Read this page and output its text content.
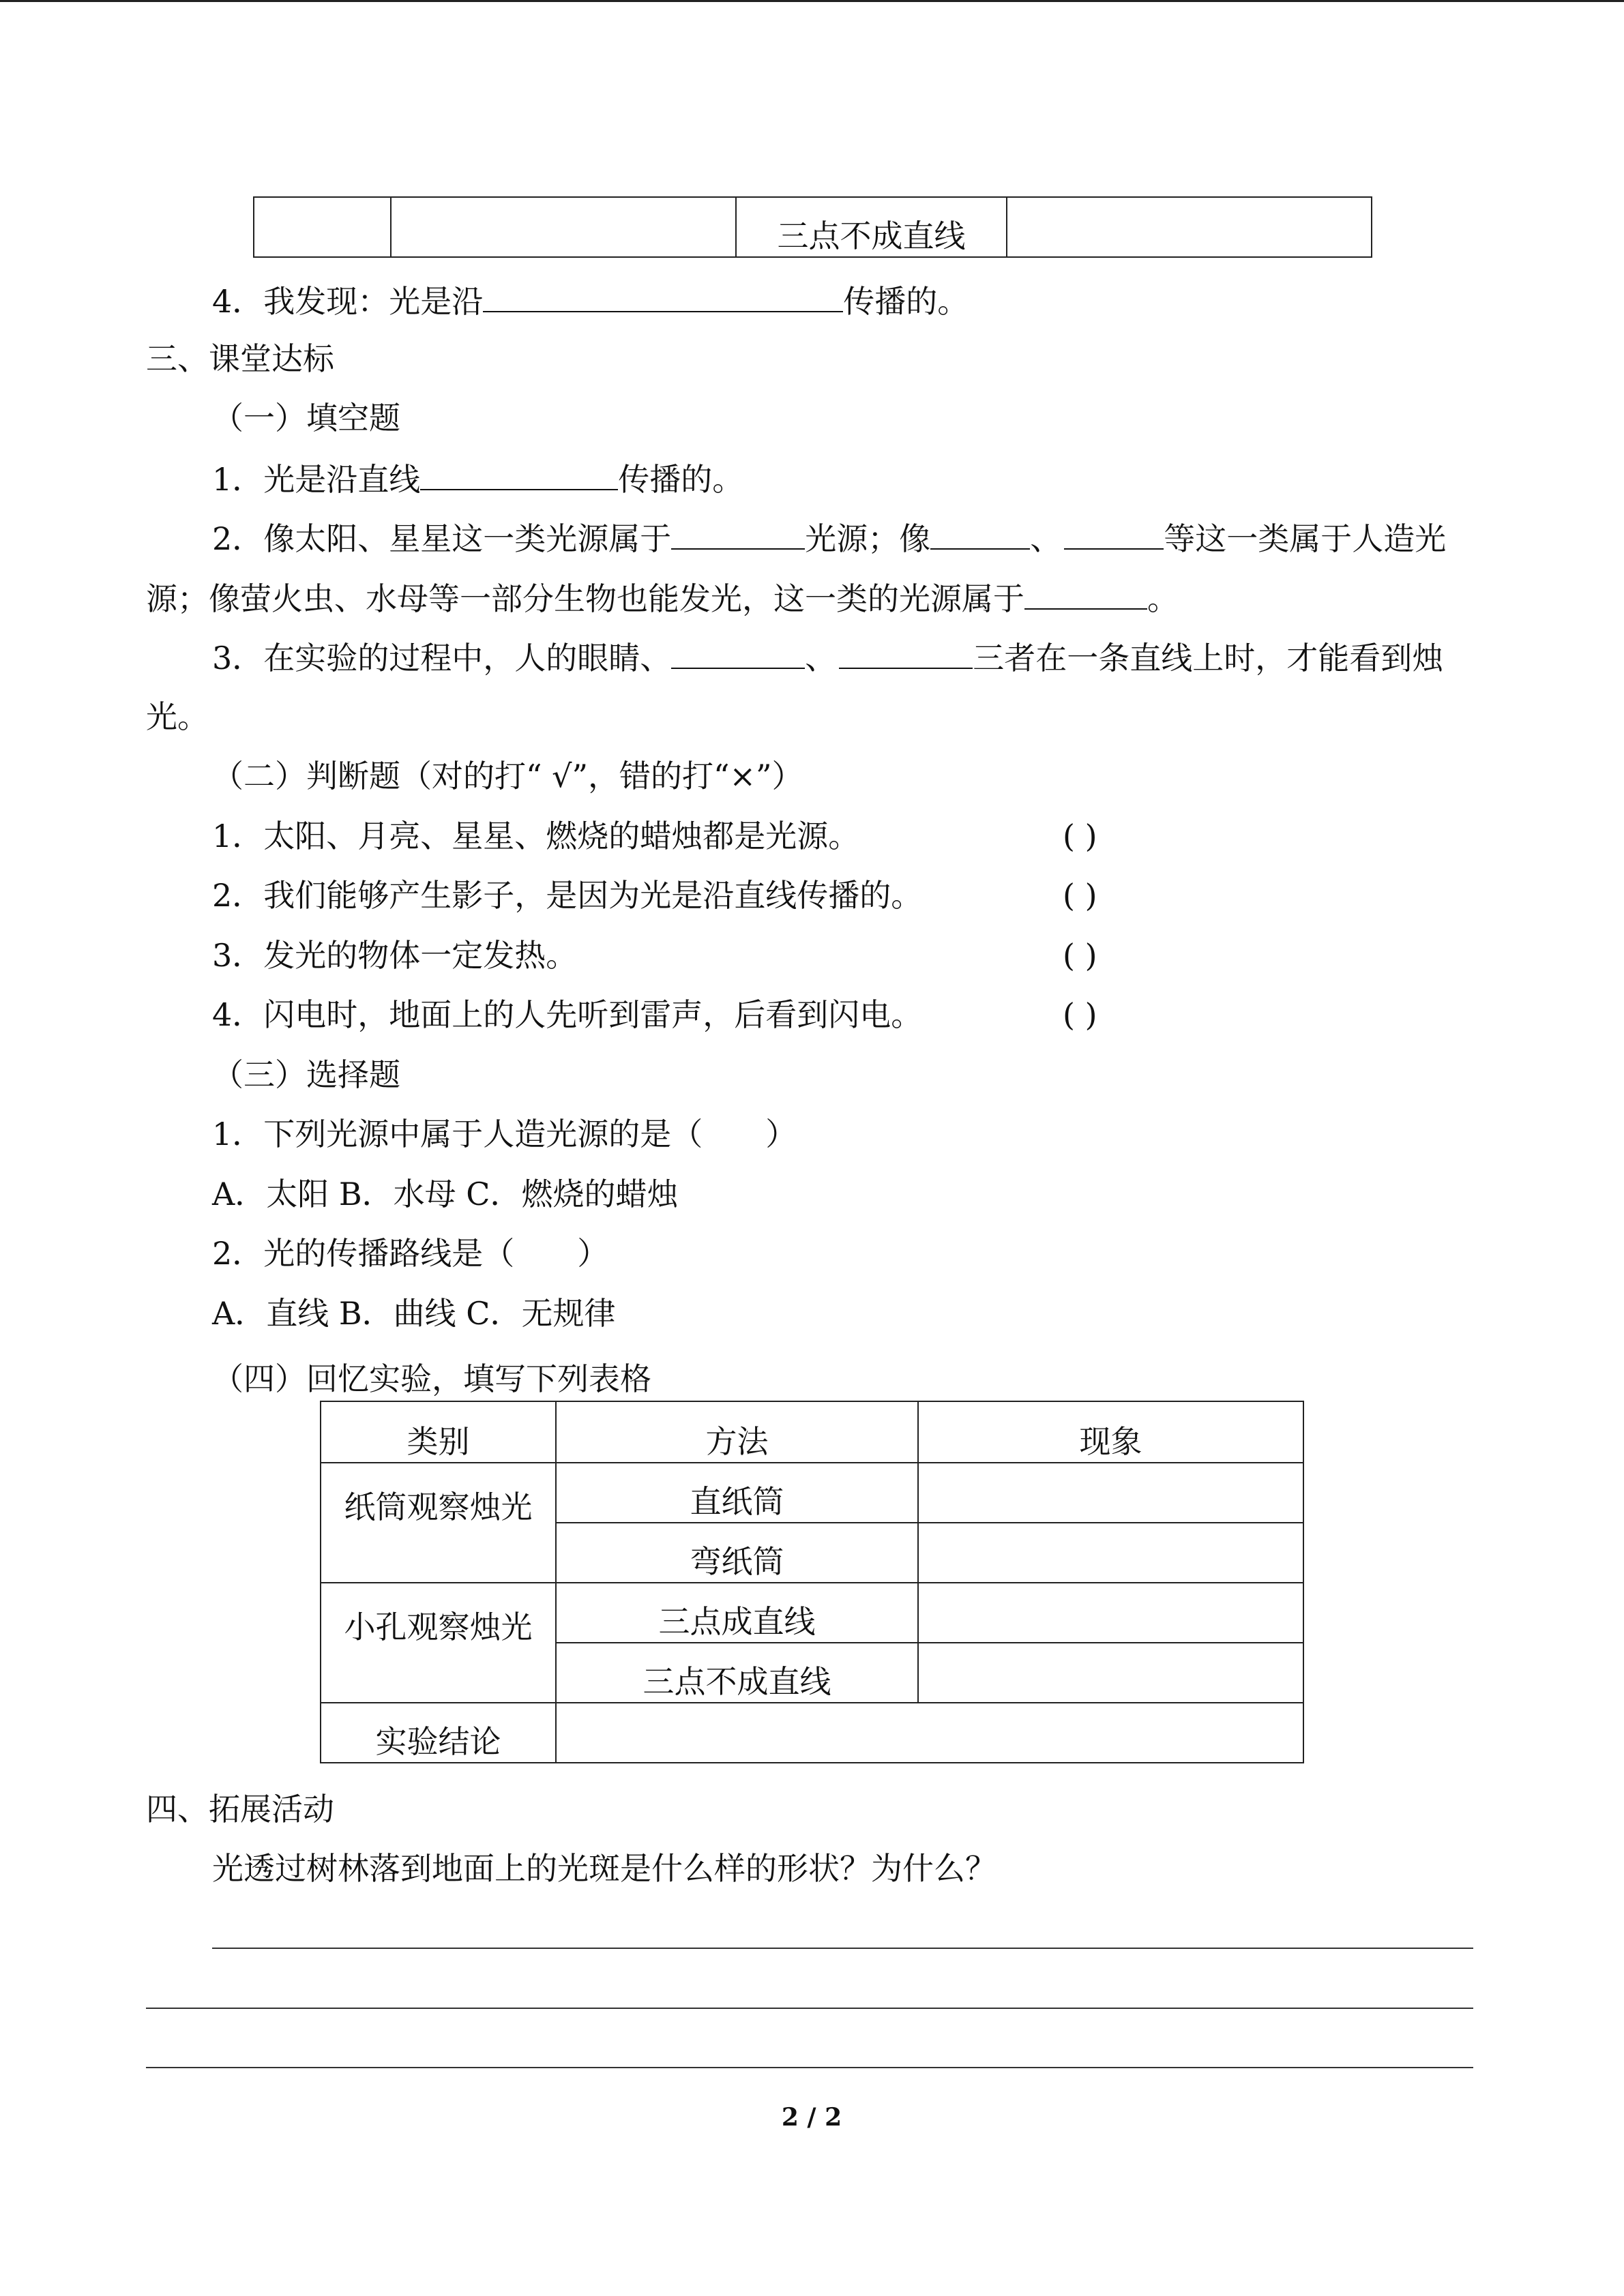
		三点不成直线	
4．我发现：光是沿	传播的。
三、课堂达标
（一）填空题
1．光是沿直线	传播的。
2．像太阳、星星这一类光源属于	光源；像	、	等这一类属于人造光
源；像萤火虫、水母等一部分生物也能发光，这一类的光源属于	。
3．在实验的过程中，人的眼睛、	、	三者在一条直线上时，才能看到烛
光。
（二）判断题（对的打“ √”，错的打“×”）
1．太阳、月亮、星星、燃烧的蜡烛都是光源。	( )
2．我们能够产生影子，是因为光是沿直线传播的。	( )
3．发光的物体一定发热。	( )
4．闪电时，地面上的人先听到雷声，后看到闪电。	( )
（三）选择题
1．下列光源中属于人造光源的是（　　）
A．太阳 B．水母 C．燃烧的蜡烛
2．光的传播路线是（　　）
A．直线 B．曲线 C．无规律
（四）回忆实验，填写下列表格
类别	方法	现象
纸筒观察烛光	直纸筒	
	弯纸筒	
小孔观察烛光	三点成直线	
	三点不成直线	
实验结论		
四、拓展活动
光透过树林落到地面上的光斑是什么样的形状？为什么？
2 / 2
